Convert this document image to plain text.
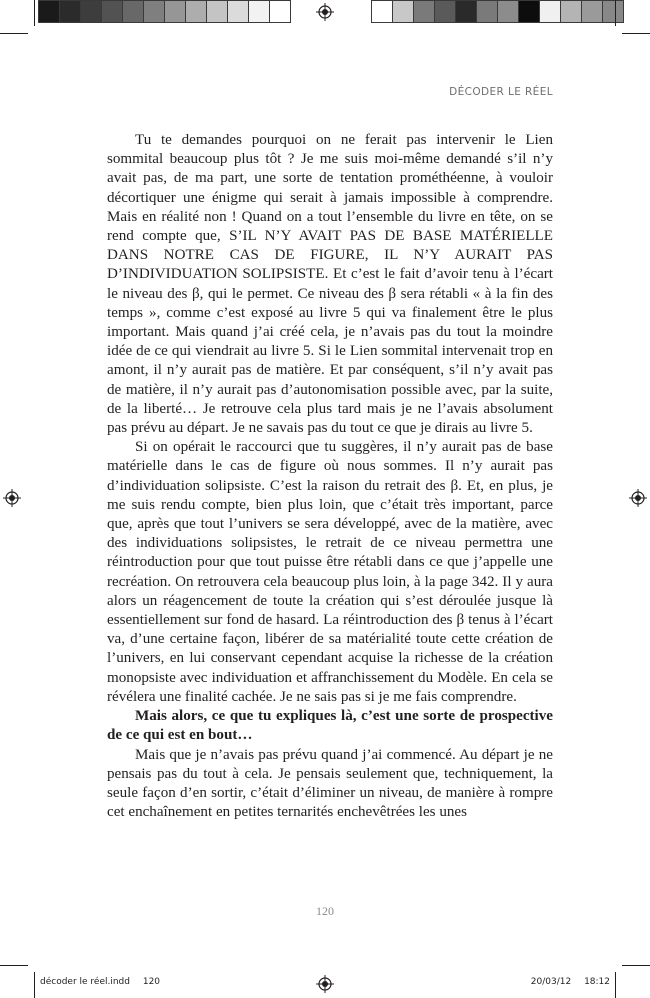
DÉCODER LE RÉEL

Tu te demandes pourquoi on ne ferait pas intervenir le Lien sommital beaucoup plus tôt ? Je me suis moi-même demandé s’il n’y avait pas, de ma part, une sorte de tentation prométhéenne, à vouloir décortiquer une énigme qui serait à jamais impossible à comprendre. Mais en réalité non ! Quand on a tout l’ensemble du livre en tête, on se rend compte que, S’IL N’Y AVAIT PAS DE BASE MATÉRIELLE DANS NOTRE CAS DE FIGURE, IL N’Y AURAIT PAS D’INDIVIDUATION SOLIPSISTE. Et c’est le fait d’avoir tenu à l’écart le niveau des β, qui le permet. Ce niveau des β sera rétabli « à la fin des temps », comme c’est exposé au livre 5 qui va finalement être le plus important. Mais quand j’ai créé cela, je n’avais pas du tout la moindre idée de ce qui viendrait au livre 5. Si le Lien sommital intervenait trop en amont, il n’y aurait pas de matière. Et par conséquent, s’il n’y avait pas de matière, il n’y aurait pas d’autonomisation possible avec, par la suite, de la liberté… Je retrouve cela plus tard mais je ne l’avais absolument pas prévu au départ. Je ne savais pas du tout ce que je dirais au livre 5.

Si on opérait le raccourci que tu suggères, il n’y aurait pas de base matérielle dans le cas de figure où nous sommes. Il n’y aurait pas d’individuation solipsiste. C’est la raison du retrait des β. Et, en plus, je me suis rendu compte, bien plus loin, que c’était très important, parce que, après que tout l’univers se sera développé, avec de la matière, avec des individuations solipsistes, le retrait de ce niveau permettra une réintroduction pour que tout puisse être rétabli dans ce que j’appelle une recréation. On retrouvera cela beaucoup plus loin, à la page 342. Il y aura alors un réagencement de toute la création qui s’est déroulée jusque là essentiellement sur fond de hasard. La réintroduction des β tenus à l’écart va, d’une certaine façon, libérer de sa matérialité toute cette création de l’univers, en lui conservant cependant acquise la richesse de la création monopsiste avec individuation et affranchissement du Modèle. En cela se révélera une finalité cachée. Je ne sais pas si je me fais comprendre.

Mais alors, ce que tu expliques là, c’est une sorte de prospective de ce qui est en bout…

Mais que je n’avais pas prévu quand j’ai commencé. Au départ je ne pensais pas du tout à cela. Je pensais seulement que, techniquement, la seule façon d’en sortir, c’était d’éliminer un niveau, de manière à rompre cet enchaînement en petites ternarités enchevêtrées les unes

120
décoder le réel.indd 120	20/03/12 18:12
